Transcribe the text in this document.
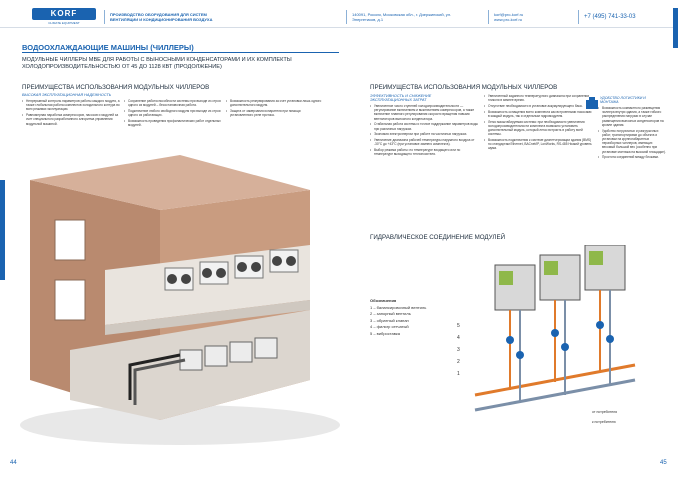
KORF
CLIMATE EQUIPMENT
ПРОИЗВОДСТВО ОБОРУДОВАНИЯ ДЛЯ СИСТЕМ ВЕНТИЛЯЦИИ И КОНДИЦИОНИРОВАНИЯ ВОЗДУХА
140091, Россия, Московская обл., г. Дзержинский, ул. Энергетиков, д.1
korf@pro-korf.ru
www.pro-korf.ru	+7 (495) 741-33-03
ВОДООХЛАЖДАЮЩИЕ МАШИНЫ (ЧИЛЛЕРЫ)
МОДУЛЬНЫЕ ЧИЛЛЕРЫ MBE ДЛЯ РАБОТЫ С ВЫНОСНЫМИ КОНДЕНСАТОРАМИ И ИХ КОМПЛЕКТЫ ХОЛОДОПРОИЗВОДИТЕЛЬНОСТЬЮ ОТ 45 ДО 1128 КВТ (ПРОДОЛЖЕНИЕ)
ПРЕИМУЩЕСТВА ИСПОЛЬЗОВАНИЯ МОДУЛЬНЫХ ЧИЛЛЕРОВ
ВЫСОКАЯ ЭКСПЛУАТАЦИОННАЯ НАДЕЖНОСТЬ
• Непрерывный контроль параметров работы каждого модуля, а также глобальная работа комплектов холодильного контура во всех режимах эксплуатации.
• Равномерная наработка компрессоров, насосов и модулей за счет специального разработанного алгоритма управления модульной машиной.
• Сохранение работоспособности системы при выходе из строя одного из модулей – бесостановочная работа.
• Подключение любого свободного модуля при выходе из строя одного из работающих.
• Возможность проведения профилактических работ отдельных модулей.
• Возможность резервирования за счет установки лишь одного дополнительного модуля.
• Защита от замерзания испарителя при помощи установленного реле протока.
44
ПРЕИМУЩЕСТВА ИСПОЛЬЗОВАНИЯ МОДУЛЬНЫХ ЧИЛЛЕРОВ
ЭФФЕКТИВНОСТЬ И СНИЖЕНИЕ ЭКСПЛУАТАЦИОННЫХ ЗАТРАТ
• Увеличенное число ступеней холодопроизводительности — регулирование включением и выключением компрессоров, а также включение плавного регулирования скорости вращения новыми вентиляторов выносного конденсатора.
• Стабильная работа системы и точное поддержание параметров воды при различных нагрузках.
• Экономия электроэнергии при работе на частичных нагрузках.
• Увеличение диапазона рабочей температуры наружного воздуха от -30°С до +43°С (при установке зимнего комплекта).
• Выбор режима работы: по температуре входящего или по температуре выходящего теплоносителя.
• Увеличенный заданного температурного диапазона при сохранении гликоля в зимнее время.
• Отсутствие необходимости в установке аккумулирующего бака.
• Возможность оснащения всего комплекта как встроенными насосами в каждый модуль, так и отдельным гидромодулем.
• Легко масштабируемая система: при необходимости увеличения холодопроизводительности комплекта возможно установить дополнительный модуль, который легко встроить в работу всей системы.
• Возможность подключения к системе диспетчеризации здания (BMS) по стандартам Ethernet, BACnet/IP, LonWorks, RS-485 Низкий уровень шума.
УДОБСТВО ЛОГИСТИКИ И МОНТАЖА
• Возможность компактного размещения чиллера внутри здания, а также гибкого распределения нагрузки в случае размещения выносных конденсаторов на кровле здания.
• Удобство погрузочных и разгрузочных работ, транспортировки до объекта и установки на крупногабаритных неразборных чиллеров, имеющих весомый большой вес (особенно при установке монтажа на высокий площадке).
• Простота соединений между блоками.
ГИДРАВЛИЧЕСКОЕ СОЕДИНЕНИЕ МОДУЛЕЙ
5
4
3
2
1
от потребителя
к потребителю
Обозначения
1 – балансировочный вентиль
2 – запорный вентиль
3 – обратный клапан
4 – фильтр сетчатый
5 – виброставка
45
